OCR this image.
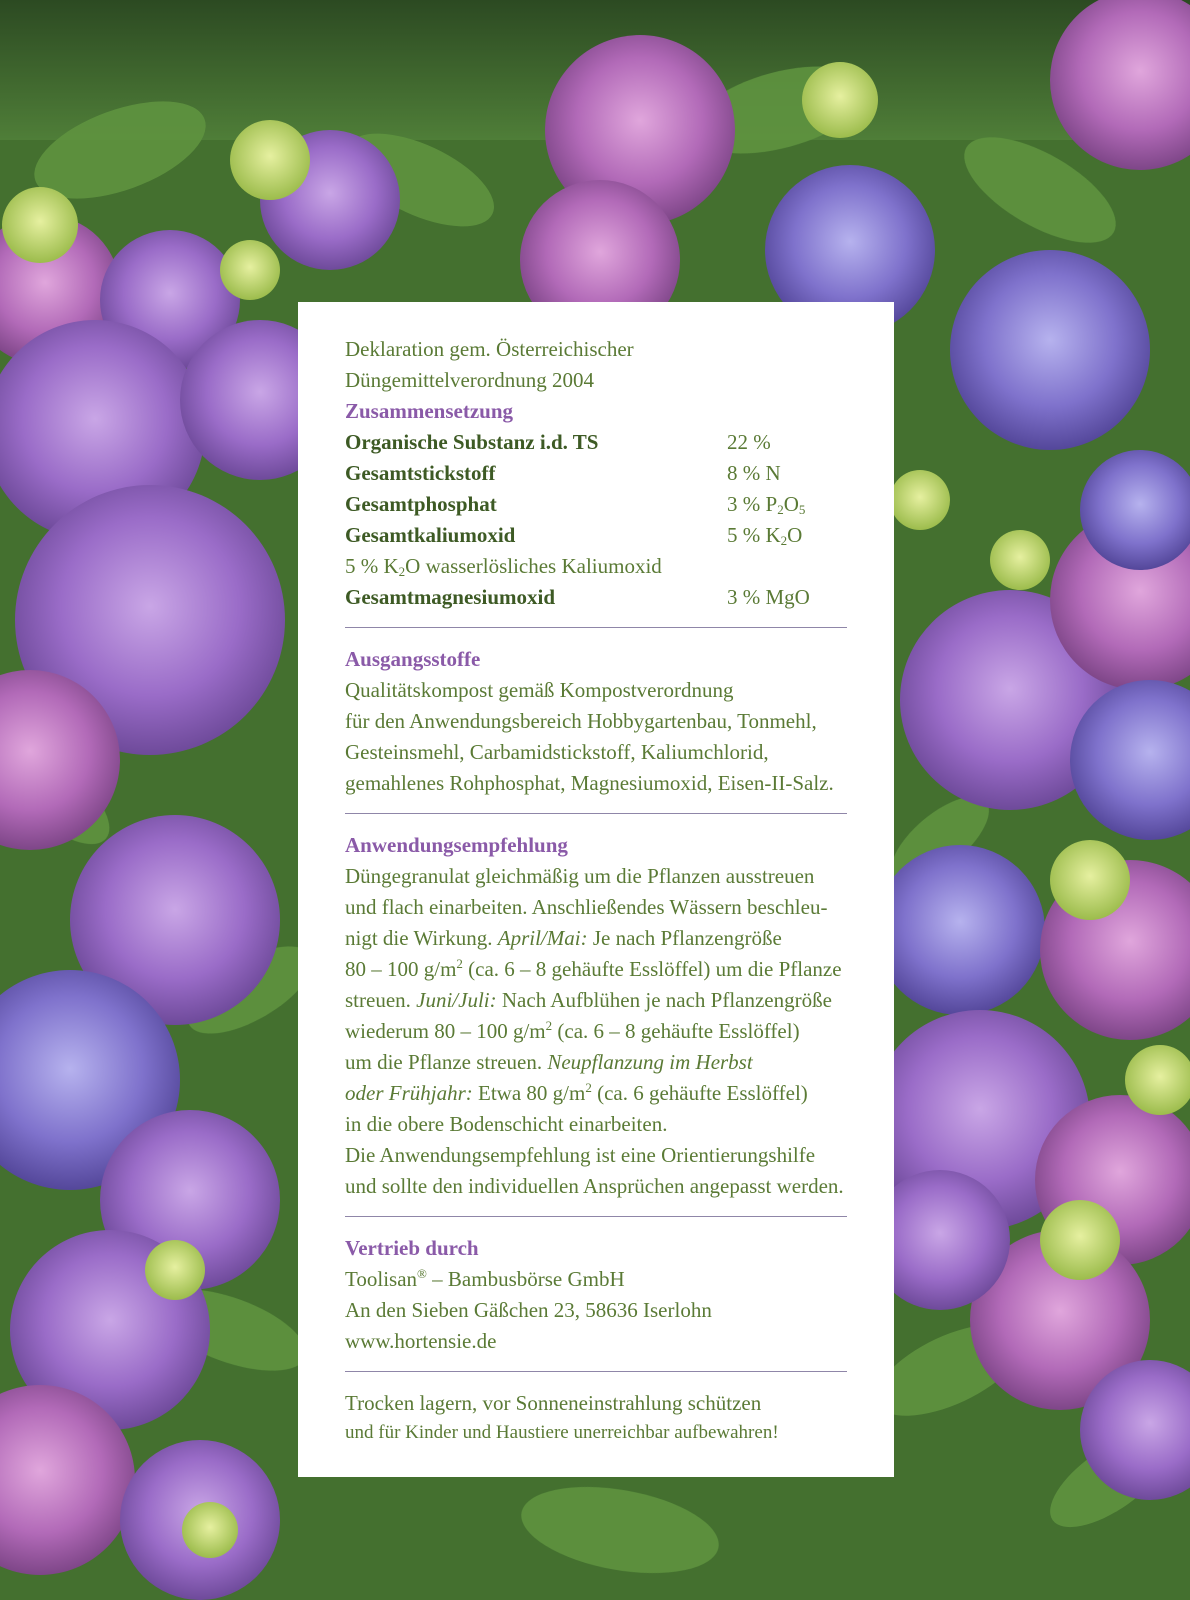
Deklaration gem. Österreichischer
Düngemittelverordnung 2004
Zusammensetzung
Organische Substanz i.d. TS	22 %
Gesamtstickstoff	8 % N
Gesamtphosphat	3 % $P_2O_5$
Gesamtkaliumoxid	5 % $K_2O$
5 % $K_2O$ wasserlösliches Kaliumoxid
Gesamtmagnesiumoxid	3 % MgO
Ausgangsstoffe
Qualitätskompost gemäß Kompostverordnung
für den Anwendungsbereich Hobbygartenbau, Tonmehl,
Gesteinsmehl, Carbamidstickstoff, Kaliumchlorid,
gemahlenes Rohphosphat, Magnesiumoxid, Eisen-II-Salz.
Anwendungsempfehlung
Düngegranulat gleichmäßig um die Pflanzen ausstreuen
und flach einarbeiten. Anschließendes Wässern beschleu-
nigt die Wirkung. April/Mai: Je nach Pflanzengröße
80 – 100 $g/m^2$ (ca. 6 – 8 gehäufte Esslöffel) um die Pflanze
streuen. Juni/Juli: Nach Aufblühen je nach Pflanzengröße
wiederum 80 – 100 $g/m^2$ (ca. 6 – 8 gehäufte Esslöffel)
um die Pflanze streuen. Neupflanzung im Herbst
oder Frühjahr: Etwa 80 $g/m^2$ (ca. 6 gehäufte Esslöffel)
in die obere Bodenschicht einarbeiten.
Die Anwendungsempfehlung ist eine Orientierungshilfe
und sollte den individuellen Ansprüchen angepasst werden.
Vertrieb durch
Toolisan® – Bambusbörse GmbH
An den Sieben Gäßchen 23, 58636 Iserlohn
www.hortensie.de
Trocken lagern, vor Sonneneinstrahlung schützen
und für Kinder und Haustiere unerreichbar aufbewahren!
